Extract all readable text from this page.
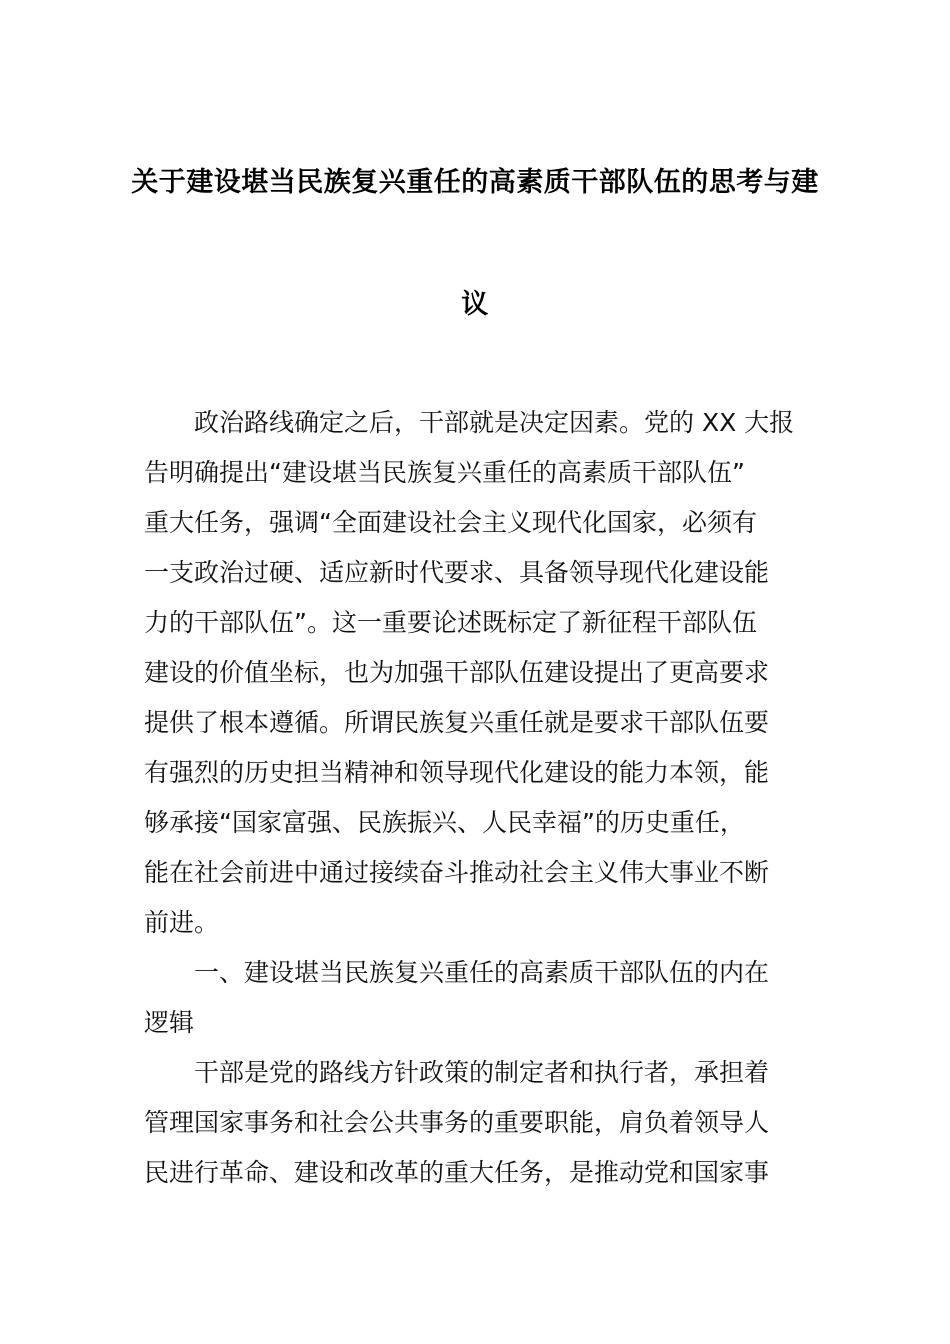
关于建设堪当民族复兴重任的高素质干部队伍的思考与建
议
政治路线确定之后，干部就是决定因素。党的 XX 大报
告明确提出“建设堪当民族复兴重任的高素质干部队伍”
重大任务，强调“全面建设社会主义现代化国家，必须有
一支政治过硬、适应新时代要求、具备领导现代化建设能
力的干部队伍”。这一重要论述既标定了新征程干部队伍
建设的价值坐标，也为加强干部队伍建设提出了更高要求
提供了根本遵循。所谓民族复兴重任就是要求干部队伍要
有强烈的历史担当精神和领导现代化建设的能力本领，能
够承接“国家富强、民族振兴、人民幸福”的历史重任，
能在社会前进中通过接续奋斗推动社会主义伟大事业不断
前进。
一、建设堪当民族复兴重任的高素质干部队伍的内在
逻辑
干部是党的路线方针政策的制定者和执行者，承担着
管理国家事务和社会公共事务的重要职能，肩负着领导人
民进行革命、建设和改革的重大任务，是推动党和国家事
